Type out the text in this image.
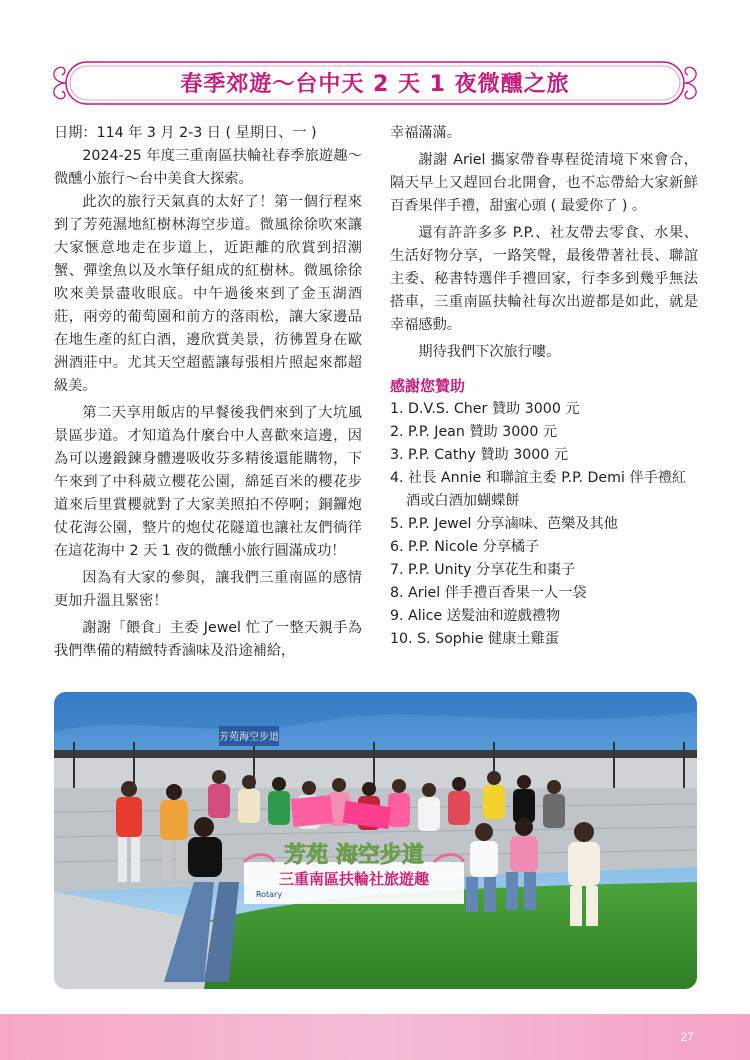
春季郊遊～台中天 2 天 1 夜微醺之旅

日期：114 年 3 月 2-3 日 ( 星期日、一 )

2024-25 年度三重南區扶輪社春季旅遊趣～微醺小旅行～台中美食大探索。

此次的旅行天氣真的太好了！第一個行程來到了芳苑濕地紅樹林海空步道。微風徐徐吹來讓大家愜意地走在步道上，近距離的欣賞到招潮蟹、彈塗魚以及水筆仔組成的紅樹林。微風徐徐吹來美景盡收眼底。中午過後來到了金玉湖酒莊，兩旁的葡萄園和前方的落雨松，讓大家邊品在地生產的紅白酒，邊欣賞美景，彷彿置身在歐洲酒莊中。尤其天空超藍讓每張相片照起來都超級美。

第二天享用飯店的早餐後我們來到了大坑風景區步道。才知道為什麼台中人喜歡來這邊，因為可以邊鍛鍊身體邊吸收芬多精後還能購物，下午來到了中科葳立櫻花公園，綿延百米的櫻花步道來后里賞櫻就對了大家美照拍不停啊；銅鑼炮仗花海公園，整片的炮仗花隧道也讓社友們徜徉在這花海中 2 天 1 夜的微醺小旅行圓滿成功！

因為有大家的參與，讓我們三重南區的感情更加升溫且緊密！

謝謝「餵食」主委 Jewel 忙了一整天親手為我們準備的精緻特香滷味及沿途補給，

幸福滿滿。

謝謝 Ariel 攜家帶眷專程從清境下來會合，隔天早上又趕回台北開會，也不忘帶給大家新鮮百香果伴手禮，甜蜜心頭 ( 最愛你了 ) 。

還有許許多多 P.P.、社友帶去零食、水果、生活好物分享，一路笑聲，最後帶著社長、聯誼主委、秘書特選伴手禮回家，行李多到幾乎無法搭車，三重南區扶輪社每次出遊都是如此，就是幸福感動。

期待我們下次旅行嘍。

感謝您贊助
1. D.V.S. Cher 贊助 3000 元
2. P.P. Jean 贊助 3000 元
3. P.P. Cathy 贊助 3000 元
4. 社長 Annie 和聯誼主委 P.P. Demi 伴手禮紅酒或白酒加蝴蝶餅
5. P.P. Jewel 分享滷味、芭樂及其他
6. P.P. Nicole 分享橘子
7. P.P. Unity 分享花生和棗子
8. Ariel 伴手禮百香果一人一袋
9. Alice 送髮油和遊戲禮物
10. S. Sophie 健康土雞蛋
芳苑海空步道
三重南區扶輪社旅遊趣
Rotary
芳苑 海空步道
27
